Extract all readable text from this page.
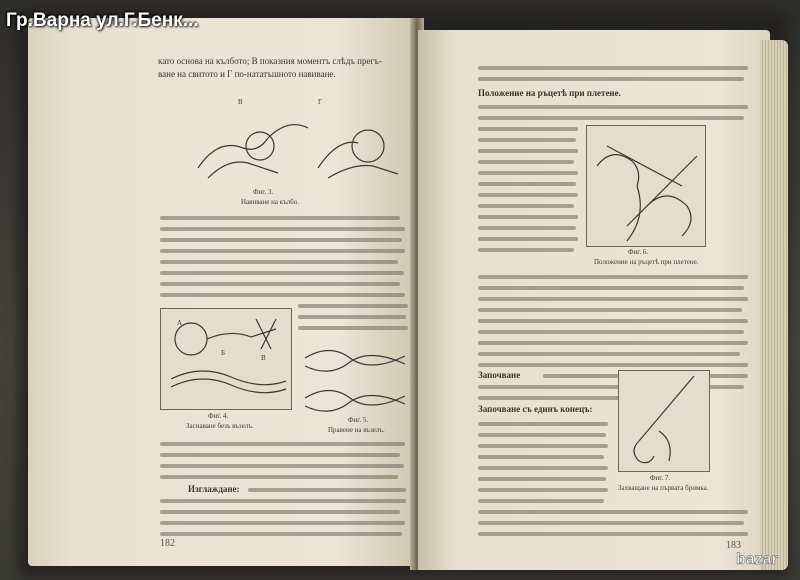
като основа на кълбото; В показния моментъ слѣдъ прегъ-
ване на свитото и Г по-нататъшното навиване.
В	Г
Фиг. 3.
Навиване на кълбо.
А
Б
В
Фиг. 4.
Заснаване безъ възелъ.
Фиг. 5.
Правене на възелъ.
Изглаждане:
182
Положение на ръцетѣ при плетене.
Фиг. 6.
Положение на ръцетѣ при плетене.
Започване
Започване съ единъ конецъ:
Фиг. 7.
Захващане на първата бримка.
183
Гр.Варна ул.Г.Бенк...
bazar
